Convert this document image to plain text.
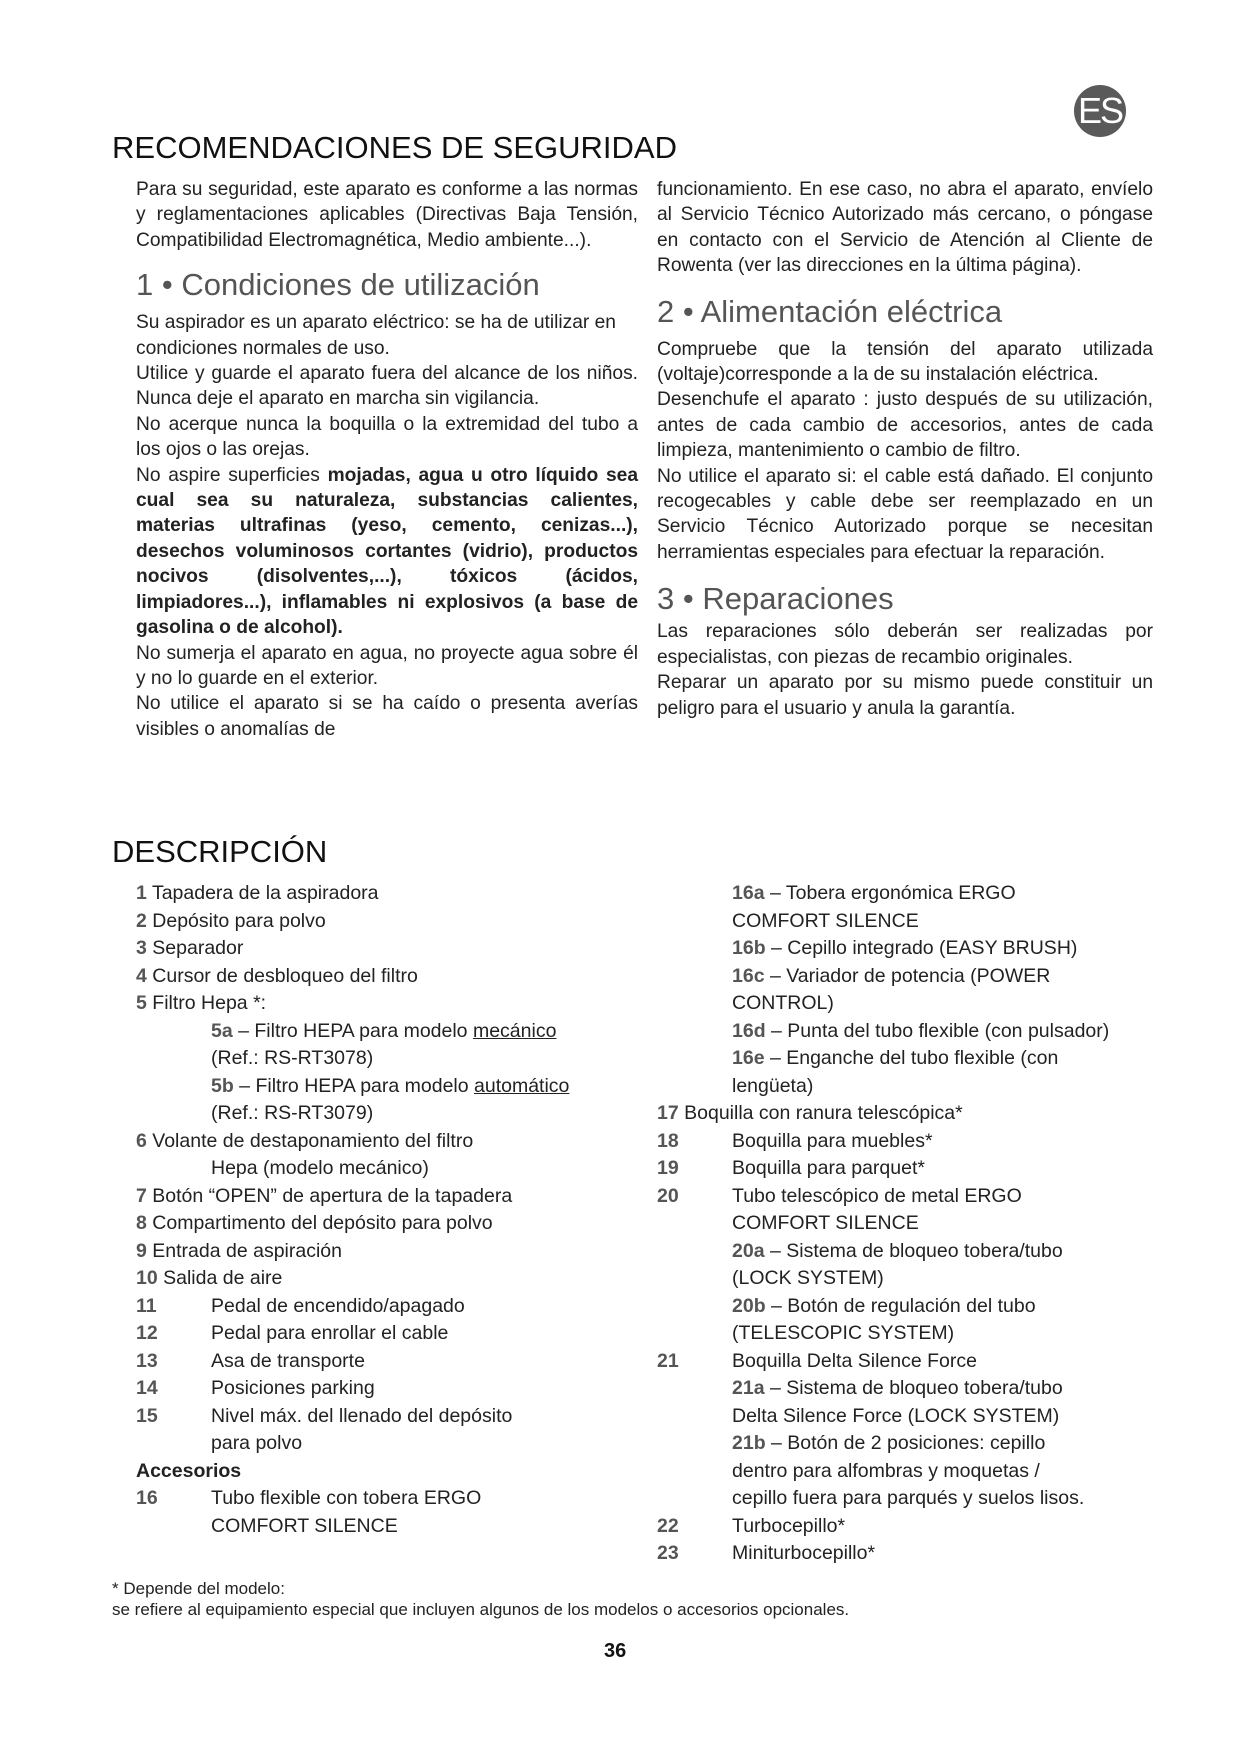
ES
RECOMENDACIONES DE SEGURIDAD

Para su seguridad, este aparato es conforme a las normas y reglamentaciones aplicables (Directivas Baja Tensión, Compatibilidad Electromagnética, Medio ambiente...).

1 • Condiciones de utilización

Su aspirador es un aparato eléctrico: se ha de utilizar en condiciones normales de uso.

Utilice y guarde el aparato fuera del alcance de los niños. Nunca deje el aparato en marcha sin vigilancia.

No acerque nunca la boquilla o la extremidad del tubo a los ojos o las orejas.

No aspire superficies mojadas, agua u otro líquido sea cual sea su naturaleza, substancias calientes, materias ultrafinas (yeso, cemento, cenizas...), desechos voluminosos cortantes (vidrio), productos nocivos (disolventes,...), tóxicos (ácidos, limpiadores...), inflamables ni explosivos (a base de gasolina o de alcohol).

No sumerja el aparato en agua, no proyecte agua sobre él y no lo guarde en el exterior.

No utilice el aparato si se ha caído o presenta averías visibles o anomalías de

funcionamiento. En ese caso, no abra el aparato, envíelo al Servicio Técnico Autorizado más cercano, o póngase en contacto con el Servicio de Atención al Cliente de Rowenta (ver las direcciones en la última página).

2 • Alimentación eléctrica

Compruebe que la tensión del aparato utilizada (voltaje)corresponde a la de su instalación eléctrica.

Desenchufe el aparato : justo después de su utilización, antes de cada cambio de accesorios, antes de cada limpieza, mantenimiento o cambio de filtro.

No utilice el aparato si: el cable está dañado. El conjunto recogecables y cable debe ser reemplazado en un Servicio Técnico Autorizado porque se necesitan herramientas especiales para efectuar la reparación.

3 • Reparaciones

Las reparaciones sólo deberán ser realizadas por especialistas, con piezas de recambio originales.

Reparar un aparato por su mismo puede constituir un peligro para el usuario y anula la garantía.

DESCRIPCIÓN
1 Tapadera de la aspiradora
2 Depósito para polvo
3 Separador
4 Cursor de desbloqueo del filtro
5 Filtro Hepa *:
5a – Filtro HEPA para modelo mecánico
(Ref.: RS-RT3078)
5b – Filtro HEPA para modelo automático
(Ref.: RS-RT3079)
6 Volante de destaponamiento del filtro
Hepa (modelo mecánico)
7 Botón “OPEN” de apertura de la tapadera
8 Compartimento del depósito para polvo
9 Entrada de aspiración
10 Salida de aire
11	Pedal de encendido/apagado
12	Pedal para enrollar el cable
13	Asa de transporte
14	Posiciones parking
15	Nivel máx. del llenado del depósito
para polvo
Accesorios
16	Tubo flexible con tobera ERGO
COMFORT SILENCE
16a – Tobera ergonómica ERGO
COMFORT SILENCE
16b – Cepillo integrado (EASY BRUSH)
16c – Variador de potencia (POWER
CONTROL)
16d – Punta del tubo flexible (con pulsador)
16e – Enganche del tubo flexible (con
lengüeta)
17 Boquilla con ranura telescópica*
18	Boquilla para muebles*
19	Boquilla para parquet*
20	Tubo telescópico de metal ERGO
COMFORT SILENCE
20a – Sistema de bloqueo tobera/tubo
(LOCK SYSTEM)
20b – Botón de regulación del tubo
(TELESCOPIC SYSTEM)
21	Boquilla Delta Silence Force
21a – Sistema de bloqueo tobera/tubo
Delta Silence Force (LOCK SYSTEM)
21b – Botón de 2 posiciones: cepillo
dentro para alfombras y moquetas /
cepillo fuera para parqués y suelos lisos.
22	Turbocepillo*
23	Miniturbocepillo*
* Depende del modelo:
se refiere al equipamiento especial que incluyen algunos de los modelos o accesorios opcionales.
36
